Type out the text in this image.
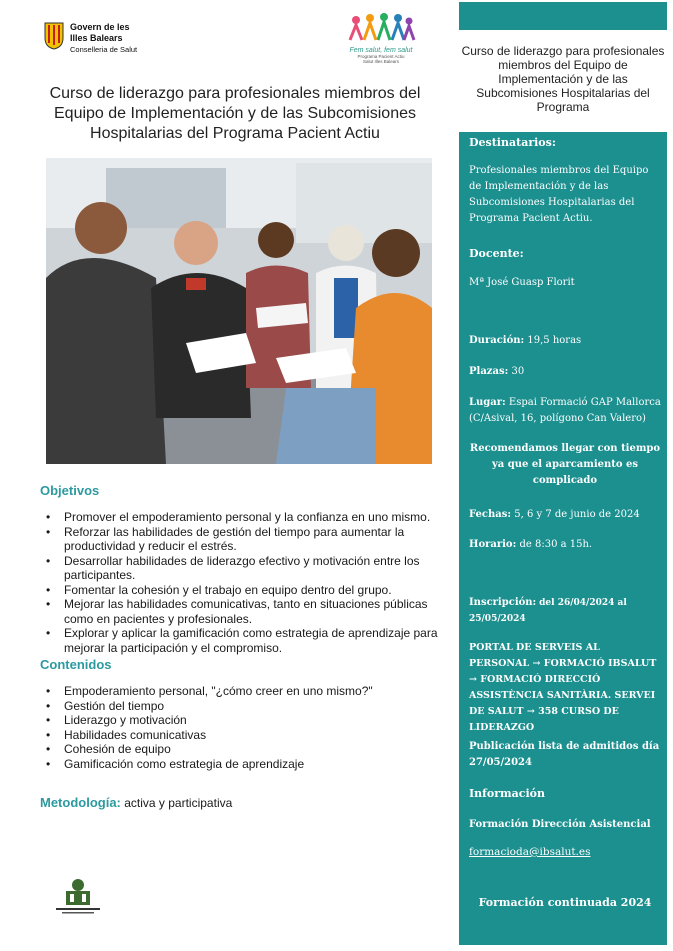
Govern de les
Illes Balears
Conselleria de Salut	Fem salut, fem salut
Programa Pacient Actiu
Salut Illes Balears
Curso de liderazgo para profesionales miembros del Equipo de Implementación y de las Subcomisiones Hospitalarias del Programa Pacient Actiu
Objetivos
• Promover el empoderamiento personal y la confianza en uno mismo.
• Reforzar las habilidades de gestión del tiempo para aumentar la productividad y reducir el estrés.
• Desarrollar habilidades de liderazgo efectivo y motivación entre los participantes.
• Fomentar la cohesión y el trabajo en equipo dentro del grupo.
• Mejorar las habilidades comunicativas, tanto en situaciones públicas como en pacientes y profesionales.
• Explorar y aplicar la gamificación como estrategia de aprendizaje para mejorar la participación y el compromiso.
Contenidos
• Empoderamiento personal, "¿cómo creer en uno mismo?"
• Gestión del tiempo
• Liderazgo y motivación
• Habilidades comunicativas
• Cohesión de equipo
• Gamificación como estrategia de aprendizaje
Metodología: activa y participativa
Curso de liderazgo para profesionales miembros del Equipo de Implementación y de las Subcomisiones Hospitalarias del Programa
Destinatarios:
Profesionales miembros del Equipo de Implementación y de las Subcomisiones Hospitalarias del Programa Pacient Actiu.
Docente:
Mª José Guasp Florit
Duración: 19,5 horas
Plazas: 30
Lugar: Espai Formació GAP Mallorca (C/Asival, 16, polígono Can Valero)
Recomendamos llegar con tiempo ya que el aparcamiento es complicado
Fechas: 5, 6 y 7 de junio de 2024
Horario: de 8:30 a 15h.
Inscripción: del 26/04/2024 al 25/05/2024
PORTAL DE SERVEIS AL PERSONAL → FORMACIÓ IBSALUT → FORMACIÓ DIRECCIÓ ASSISTÈNCIA SANITÀRIA. SERVEI DE SALUT → 358 CURSO DE LIDERAZGO
Publicación lista de admitidos día 27/05/2024
Información
Formación Dirección Asistencial
formacioda@ibsalut.es
Formación continuada 2024
